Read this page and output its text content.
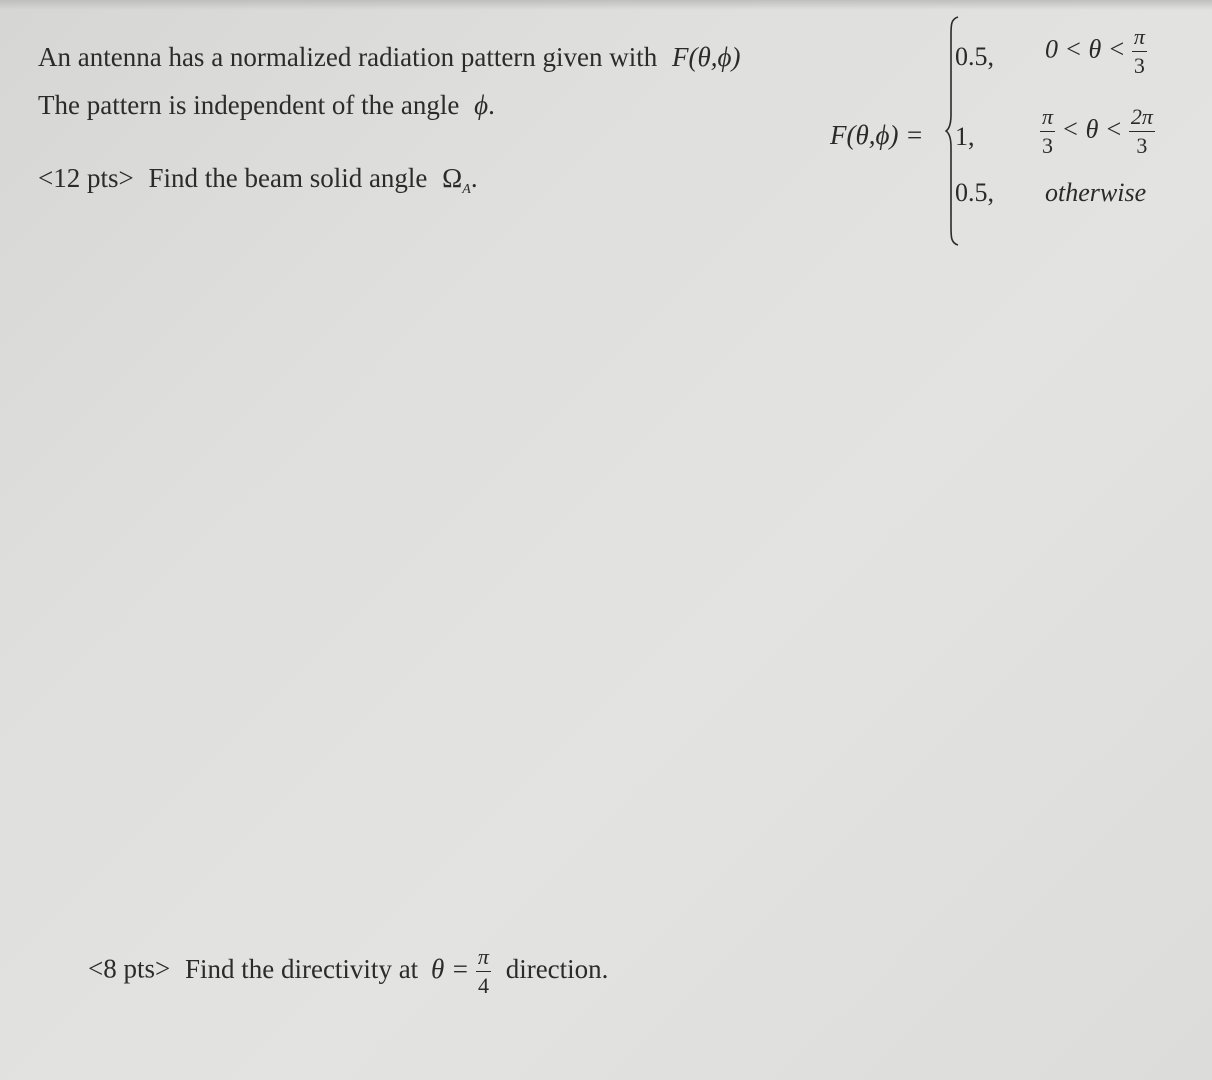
An antenna has a normalized radiation pattern given with F(θ,ϕ)
The pattern is independent of the angle ϕ.
<12 pts> Find the beam solid angle $\Omega_A$.
F(θ,ϕ) =
0.5, $0 < \theta < \frac{\pi}{3}$
1,	$\frac{\pi}{3} < \theta < \frac{2\pi}{3}$
0.5, otherwise
<8 pts> Find the directivity at $\theta = \frac{\pi}{4}$ direction.
